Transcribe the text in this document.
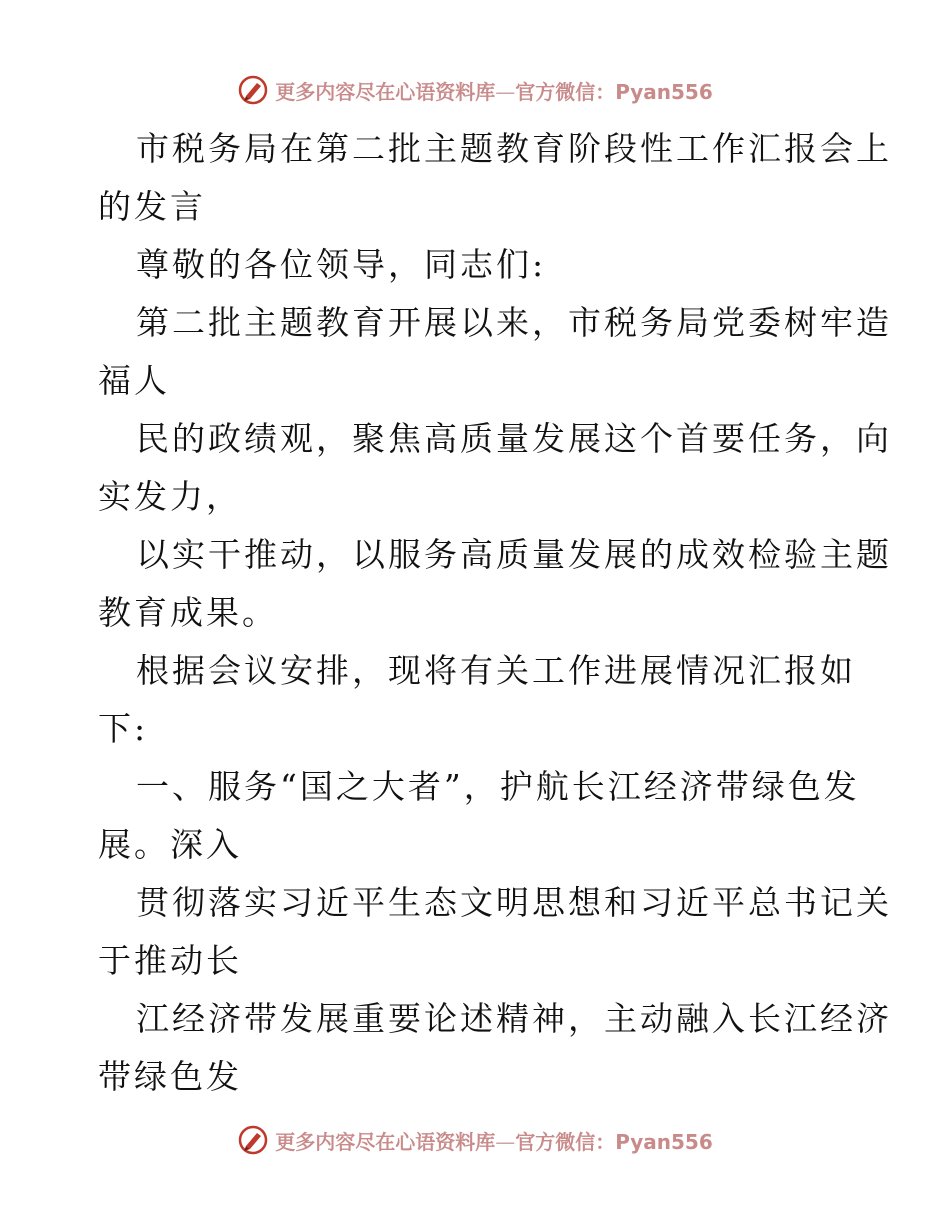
更多内容尽在心语资料库—官方微信：Pyan556
市税务局在第二批主题教育阶段性工作汇报会上
的发言
尊敬的各位领导，同志们:
第二批主题教育开展以来，市税务局党委树牢造
福人
民的政绩观，聚焦高质量发展这个首要任务，向
实发力，
以实干推动，以服务高质量发展的成效检验主题
教育成果。
根据会议安排，现将有关工作进展情况汇报如
下:
一、服务“国之大者”，护航长江经济带绿色发
展。深入
贯彻落实习近平生态文明思想和习近平总书记关
于推动长
江经济带发展重要论述精神，主动融入长江经济
带绿色发
更多内容尽在心语资料库—官方微信：Pyan556
